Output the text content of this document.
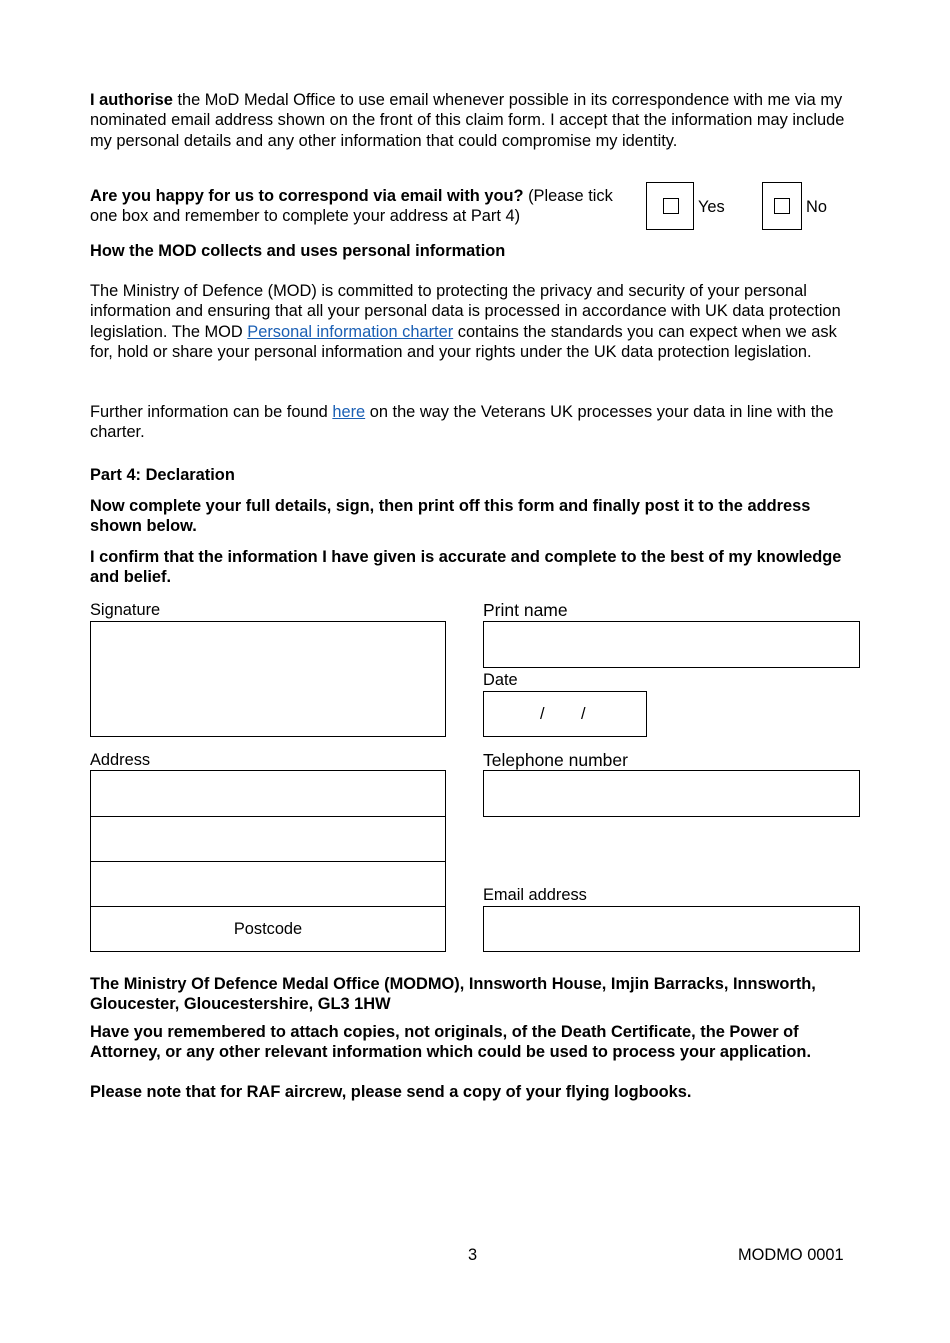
I authorise the MoD Medal Office to use email whenever possible in its correspondence with me via my nominated email address shown on the front of this claim form. I accept that the information may include my personal details and any other information that could compromise my identity.

Are you happy for us to correspond via email with you? (Please tick one box and remember to complete your address at Part 4)

Yes	No

How the MOD collects and uses personal information

The Ministry of Defence (MOD) is committed to protecting the privacy and security of your personal information and ensuring that all your personal data is processed in accordance with UK data protection legislation. The MOD Personal information charter contains the standards you can expect when we ask for, hold or share your personal information and your rights under the UK data protection legislation.

Further information can be found here on the way the Veterans UK processes your data in line with the charter.

Part 4: Declaration

Now complete your full details, sign, then print off this form and finally post it to the address shown below.

I confirm that the information I have given is accurate and complete to the best of my knowledge and belief.

Signature	Print name
Date
/        /
Address
Postcode
Telephone number
Email address

The Ministry Of Defence Medal Office (MODMO), Innsworth House, Imjin Barracks, Innsworth, Gloucester, Gloucestershire, GL3 1HW

Have you remembered to attach copies, not originals, of the Death Certificate, the Power of Attorney, or any other relevant information which could be used to process your application.

Please note that for RAF aircrew, please send a copy of your flying logbooks.

3	MODMO 0001
